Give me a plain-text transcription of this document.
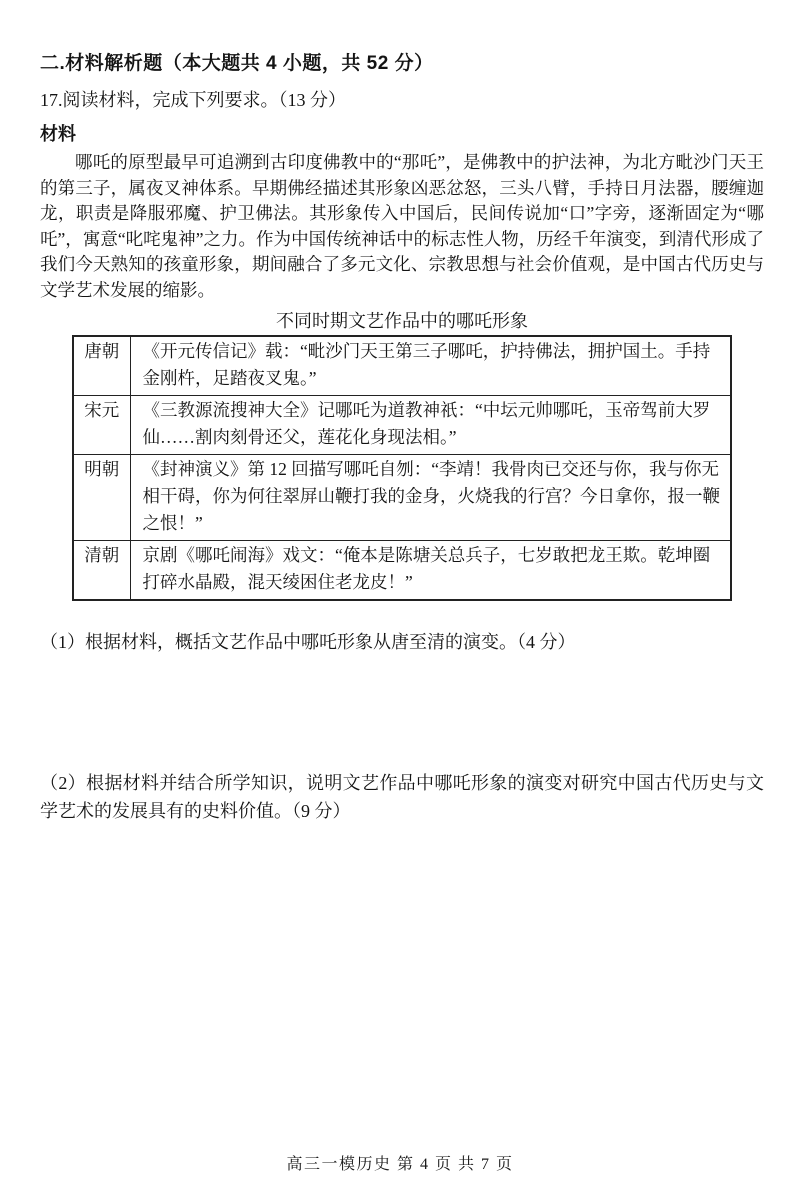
二.材料解析题（本大题共 4 小题，共 52 分）
17.阅读材料，完成下列要求。（13 分）
材料
哪吒的原型最早可追溯到古印度佛教中的“那吒”，是佛教中的护法神，为北方毗沙门天王的第三子，属夜叉神体系。早期佛经描述其形象凶恶忿怒，三头八臂，手持日月法器，腰缠迦龙，职责是降服邪魔、护卫佛法。其形象传入中国后，民间传说加“口”字旁，逐渐固定为“哪吒”，寓意“叱咤鬼神”之力。作为中国传统神话中的标志性人物，历经千年演变，到清代形成了我们今天熟知的孩童形象，期间融合了多元文化、宗教思想与社会价值观，是中国古代历史与文学艺术发展的缩影。
不同时期文艺作品中的哪吒形象
唐朝	《开元传信记》载：“毗沙门天王第三子哪吒，护持佛法，拥护国土。手持金刚杵，足踏夜叉鬼。”
宋元	《三教源流搜神大全》记哪吒为道教神祇：“中坛元帅哪吒，玉帝驾前大罗仙……割肉刻骨还父，莲花化身现法相。”
明朝	《封神演义》第 12 回描写哪吒自刎：“李靖！我骨肉已交还与你，我与你无相干碍，你为何往翠屏山鞭打我的金身，火烧我的行宫？今日拿你，报一鞭之恨！”
清朝	京剧《哪吒闹海》戏文：“俺本是陈塘关总兵子，七岁敢把龙王欺。乾坤圈打碎水晶殿，混天绫困住老龙皮！”
（1）根据材料，概括文艺作品中哪吒形象从唐至清的演变。（4 分）
（2）根据材料并结合所学知识，说明文艺作品中哪吒形象的演变对研究中国古代历史与文学艺术的发展具有的史料价值。（9 分）
高三一模历史 第 4 页 共 7 页
